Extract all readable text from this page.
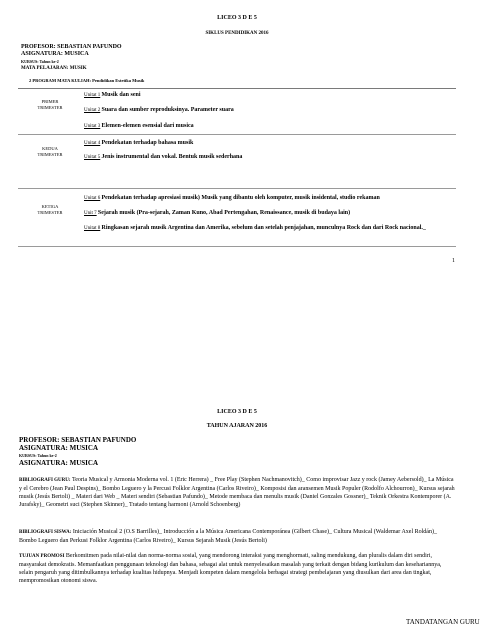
LICEO 3 D E 5
SIKLUS PENDIDIKAN 2016
PROFESOR: SEBASTIAN PAFUNDO
ASIGNATURA: MUSICA
KURSUS: Tahun ke-2
MATA PELAJARAN: MUSIK
2 PROGRAM MATA KULIAH: Pendidikan Estetika Musik
PRIMER
TRIMESTER
Unitat 1 Musik dan seni
Unitat 2 Suara dan sumber reproduksinya. Parameter suara
Unitat 3 Elemen-elemen esensial dari musica
KEDUA
TRIMESTER
Unitat 4 Pendekatan terhadap bahasa musik
Unitat 5 Jenis instrumental dan vokal. Bentuk musik sederhana
KETIGA
TRIMESTER
Unitat 6 Pendekatan terhadap apresiasi musik) Musik yang dibantu oleh komputer, musik insidental, studio rekaman
Unit 7 Sejarah musik (Pra-sejarah, Zaman Kuno, Abad Pertengahan, Renaissance, musik di budaya lain)
Unitat 8 Ringkasan sejarah musik Argentina dan Amerika, sebelum dan setelah penjajahan, munculnya Rock dan dari Rock nacional._
1
LICEO 3 D E 5
TAHUN AJARAN 2016
PROFESOR: SEBASTIAN PAFUNDO
ASIGNATURA: MUSICA
KURSUS: Tahun ke-2
ASIGNATURA: MUSICA
BIBLIOGRAFI GURU: Teoria Musical y Armonia Moderna vol. 1 (Eric Herrera) _ Free Play (Stephen Nachmanovitch)_ Como improvisar Jazz y rock (Jamey Aebersold)_ La Música y el Cerebro (Jean Paul Despins)_ Bombo Leguero y la Percusi Folklor Argentina (Carlos Riveiro)_ Komposisi dan aransemen Musik Populer (Rodolfo Alchourron)_ Kursus sejarah musik (Jesús Bertoli) _ Materi dari Web _ Materi sendiri (Sebastian Pafundo)_ Metode membaca dan menulis musik (Daniel Gonzales Gossner)_ Teknik Orkestra Kontemporer (A. Jurafsky)_ Geometri suci (Stephen Skinner)_ Tratado tentang harmoni (Arnold Schoenberg)
BIBLIOGRAFI SISWA: Iniciación Musical 2 (O.S Barrilles)_ Introducción a la Música Americana Contemporánea (Gilbert Chase)_ Cultura Musical (Waldemar Axel Roldán)_ Bombo Leguero dan Perkusi Folklor Argentina (Carlos Riveiro)_ Kursus Sejarah Musik (Jesús Bertoli)
TUJUAN PROMOSI Berkomitmen pada nilai-nilai dan norma-norma sosial, yang mendorong interaksi yang menghormati, saling mendukung, dan pluralis dalam diri sendiri, masyarakat demokratis. Memanfaatkan penggunaan teknologi dan bahasa, sebagai alat untuk menyelesaikan masalah yang terkait dengan bidang kurikulum dan kesehariannya, selain pengaruh yang ditimbulkannya terhadap kualitas hidupnya. Menjadi kompeten dalam mengelola berbagai strategi pembelajaran yang diusulkan dari area dan tingkat, mempromosikan otonomi siswa.
TANDATANGAN GURU
